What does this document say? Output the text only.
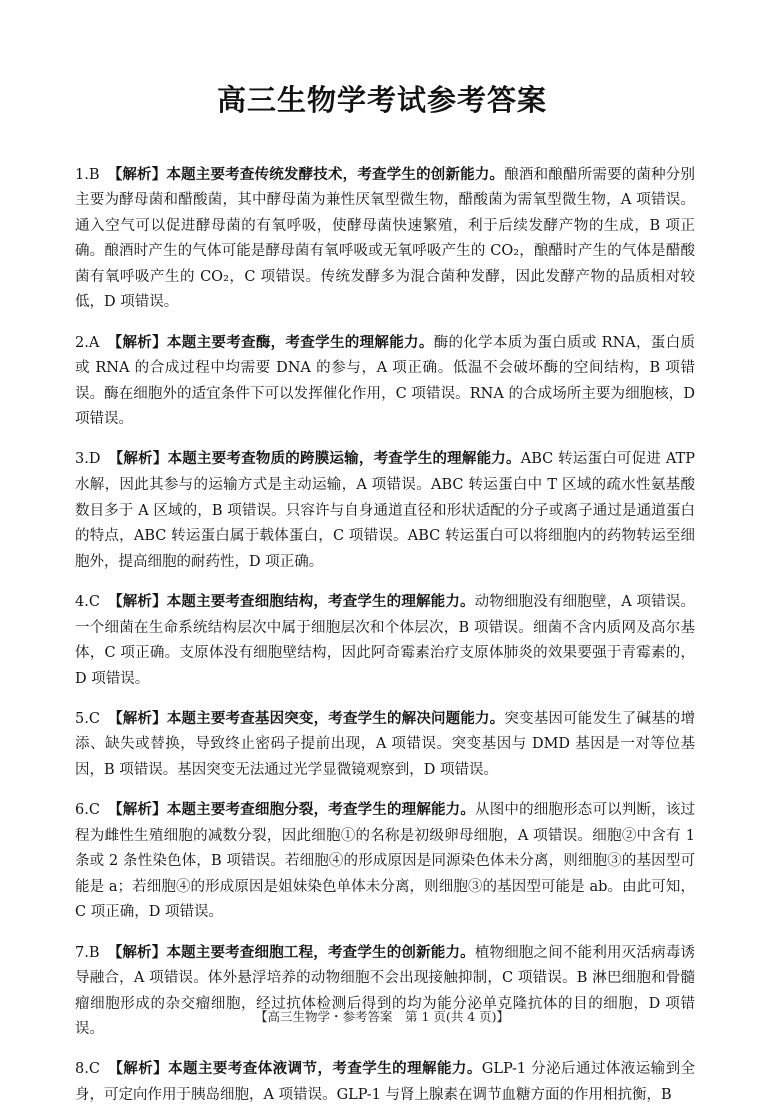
高三生物学考试参考答案

1.B 【解析】本题主要考查传统发酵技术，考查学生的创新能力。酿酒和酿醋所需要的菌种分别主要为酵母菌和醋酸菌，其中酵母菌为兼性厌氧型微生物，醋酸菌为需氧型微生物，A 项错误。通入空气可以促进酵母菌的有氧呼吸，使酵母菌快速繁殖，利于后续发酵产物的生成，B 项正确。酿酒时产生的气体可能是酵母菌有氧呼吸或无氧呼吸产生的 CO₂，酿醋时产生的气体是醋酸菌有氧呼吸产生的 CO₂，C 项错误。传统发酵多为混合菌种发酵，因此发酵产物的品质相对较低，D 项错误。

2.A 【解析】本题主要考查酶，考查学生的理解能力。酶的化学本质为蛋白质或 RNA，蛋白质或 RNA 的合成过程中均需要 DNA 的参与，A 项正确。低温不会破坏酶的空间结构，B 项错误。酶在细胞外的适宜条件下可以发挥催化作用，C 项错误。RNA 的合成场所主要为细胞核，D 项错误。

3.D 【解析】本题主要考查物质的跨膜运输，考查学生的理解能力。ABC 转运蛋白可促进 ATP 水解，因此其参与的运输方式是主动运输，A 项错误。ABC 转运蛋白中 T 区域的疏水性氨基酸数目多于 A 区域的，B 项错误。只容许与自身通道直径和形状适配的分子或离子通过是通道蛋白的特点，ABC 转运蛋白属于载体蛋白，C 项错误。ABC 转运蛋白可以将细胞内的药物转运至细胞外，提高细胞的耐药性，D 项正确。

4.C 【解析】本题主要考查细胞结构，考查学生的理解能力。动物细胞没有细胞壁，A 项错误。一个细菌在生命系统结构层次中属于细胞层次和个体层次，B 项错误。细菌不含内质网及高尔基体，C 项正确。支原体没有细胞壁结构，因此阿奇霉素治疗支原体肺炎的效果要强于青霉素的，D 项错误。

5.C 【解析】本题主要考查基因突变，考查学生的解决问题能力。突变基因可能发生了碱基的增添、缺失或替换，导致终止密码子提前出现，A 项错误。突变基因与 DMD 基因是一对等位基因，B 项错误。基因突变无法通过光学显微镜观察到，D 项错误。

6.C 【解析】本题主要考查细胞分裂，考查学生的理解能力。从图中的细胞形态可以判断，该过程为雌性生殖细胞的减数分裂，因此细胞①的名称是初级卵母细胞，A 项错误。细胞②中含有 1 条或 2 条性染色体，B 项错误。若细胞④的形成原因是同源染色体未分离，则细胞③的基因型可能是 a；若细胞④的形成原因是姐妹染色单体未分离，则细胞③的基因型可能是 ab。由此可知，C 项正确，D 项错误。

7.B 【解析】本题主要考查细胞工程，考查学生的创新能力。植物细胞之间不能利用灭活病毒诱导融合，A 项错误。体外悬浮培养的动物细胞不会出现接触抑制，C 项错误。B 淋巴细胞和骨髓瘤细胞形成的杂交瘤细胞，经过抗体检测后得到的均为能分泌单克隆抗体的目的细胞，D 项错误。

8.C 【解析】本题主要考查体液调节，考查学生的理解能力。GLP-1 分泌后通过体液运输到全身，可定向作用于胰岛细胞，A 项错误。GLP-1 与肾上腺素在调节血糖方面的作用相抗衡，B

【高三生物学・参考答案　第 1 页(共 4 页)】
